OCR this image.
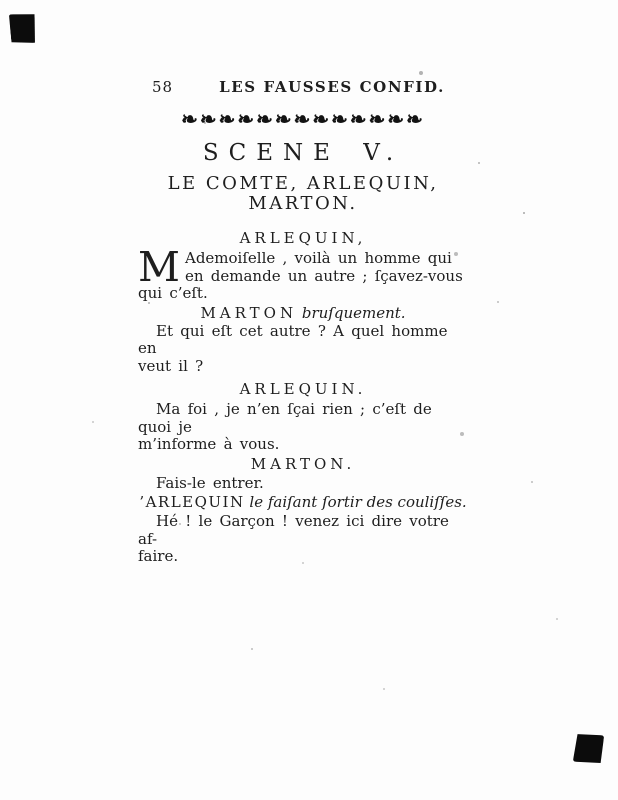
58	LES FAUSSES CONFID.
❧❧❧❧❧❧❧❧❧❧❧❧❧
SCENE V.
LE COMTE, ARLEQUIN,
MARTON.
ARLEQUIN,

M Ademoiſelle , voilà un homme qui
en demande un autre ; ſçavez-vous
qui c’eſt.

MARTON bruſquement.

Et qui eſt cet autre ? A quel homme en
veut il ?

ARLEQUIN.

Ma foi , je n’en ſçai rien ; c’eſt de quoi je
m’informe à vous.

MARTON.

Fais-le entrer.

’ARLEQUIN le faiſant ſortir des couliſſes.

Hé ! le Garçon ! venez ici dire votre af-
faire.
